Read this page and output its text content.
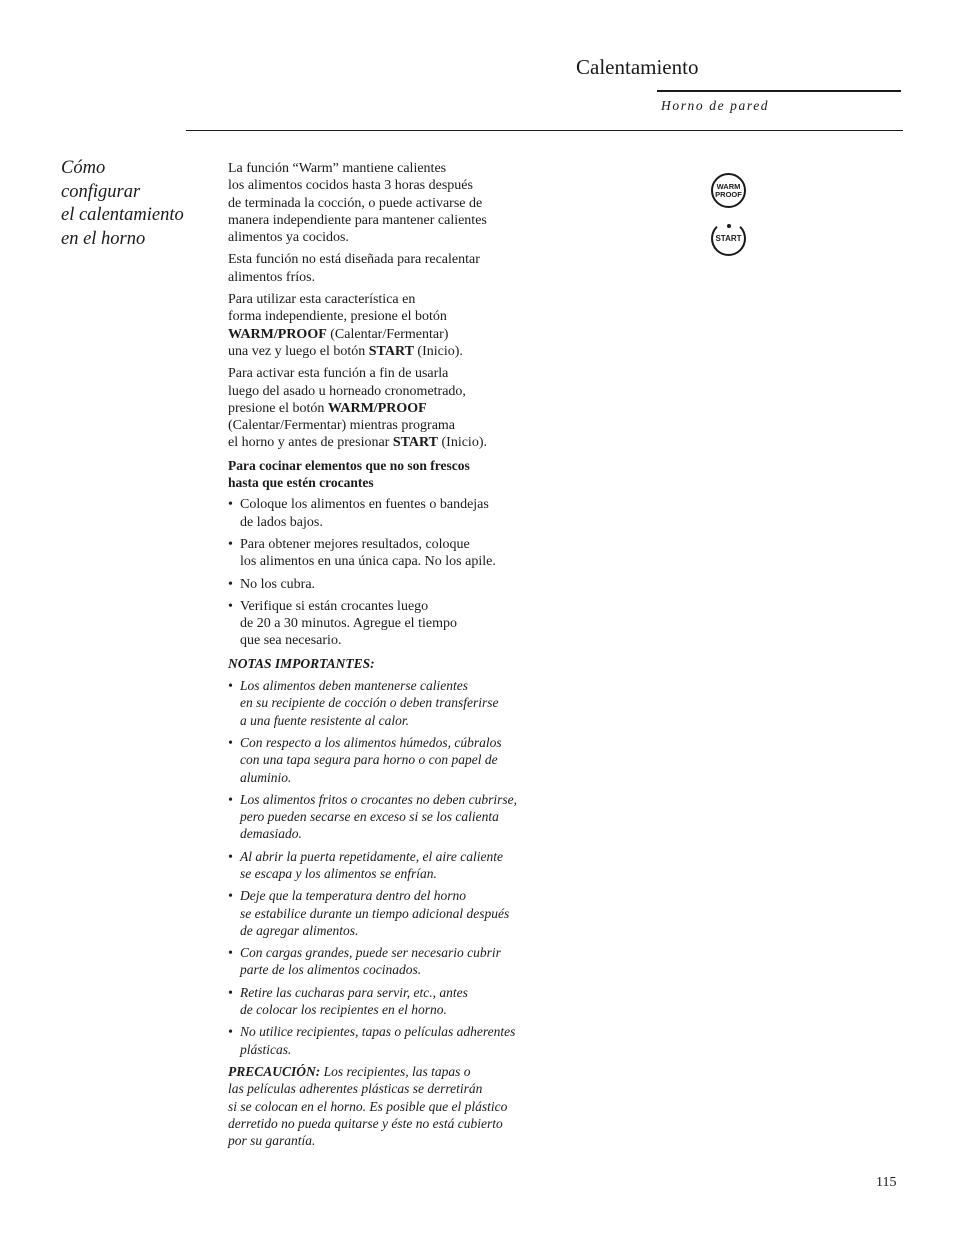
Calentamiento
Horno de pared
Cómo
configurar
el calentamiento
en el horno

La función “Warm” mantiene calientes
los alimentos cocidos hasta 3 horas después
de terminada la cocción, o puede activarse de
manera independiente para mantener calientes
alimentos ya cocidos.

Esta función no está diseñada para recalentar
alimentos fríos.

Para utilizar esta característica en
forma independiente, presione el botón
WARM/PROOF (Calentar/Fermentar)
una vez y luego el botón START (Inicio).

Para activar esta función a fin de usarla
luego del asado u horneado cronometrado,
presione el botón WARM/PROOF
(Calentar/Fermentar) mientras programa
el horno y antes de presionar START (Inicio).

Para cocinar elementos que no son frescos
hasta que estén crocantes

• Coloque los alimentos en fuentes o bandejas
de lados bajos.

• Para obtener mejores resultados, coloque
los alimentos en una única capa. No los apile.

• No los cubra.

• Verifique si están crocantes luego
de 20 a 30 minutos. Agregue el tiempo
que sea necesario.

NOTAS IMPORTANTES:

• Los alimentos deben mantenerse calientes
en su recipiente de cocción o deben transferirse
a una fuente resistente al calor.

• Con respecto a los alimentos húmedos, cúbralos
con una tapa segura para horno o con papel de
aluminio.

• Los alimentos fritos o crocantes no deben cubrirse,
pero pueden secarse en exceso si se los calienta
demasiado.

• Al abrir la puerta repetidamente, el aire caliente
se escapa y los alimentos se enfrían.

• Deje que la temperatura dentro del horno
se estabilice durante un tiempo adicional después
de agregar alimentos.

• Con cargas grandes, puede ser necesario cubrir
parte de los alimentos cocinados.

• Retire las cucharas para servir, etc., antes
de colocar los recipientes en el horno.

• No utilice recipientes, tapas o películas adherentes
plásticas.

PRECAUCIÓN: Los recipientes, las tapas o
las películas adherentes plásticas se derretirán
si se colocan en el horno. Es posible que el plástico
derretido no pueda quitarse y éste no está cubierto
por su garantía.

WARM
PROOF
START
115
